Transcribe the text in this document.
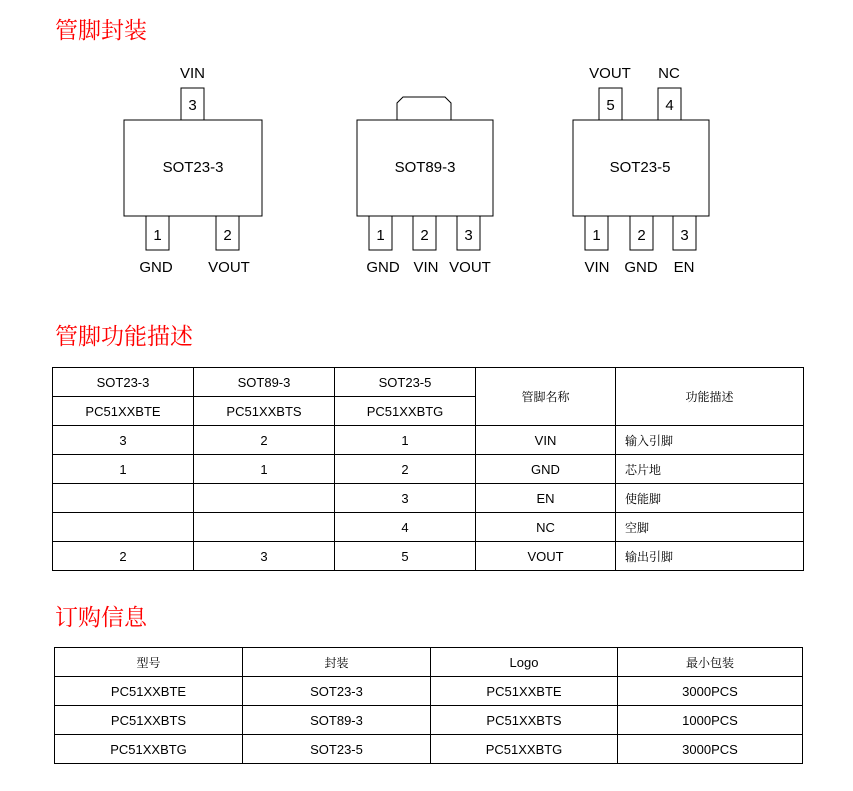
管脚封装
SOT23-3
3
VIN
1	2
GND VOUT
SOT89-3
1 2 3
GND VIN VOUT
SOT23-5
5	4
VOUT NC
1 2 3
VIN GND EN
管脚功能描述
SOT23-3	SOT89-3	SOT23-5	管脚名称	功能描述
PC51XXBTE	PC51XXBTS	PC51XXBTG		
3	2	1	VIN	输入引脚
1	1	2	GND	芯片地
		3	EN	使能脚
		4	NC	空脚
2	3	5	VOUT	输出引脚
订购信息
型号	封装	Logo	最小包装
PC51XXBTE	SOT23-3	PC51XXBTE	3000PCS
PC51XXBTS	SOT89-3	PC51XXBTS	1000PCS
PC51XXBTG	SOT23-5	PC51XXBTG	3000PCS
